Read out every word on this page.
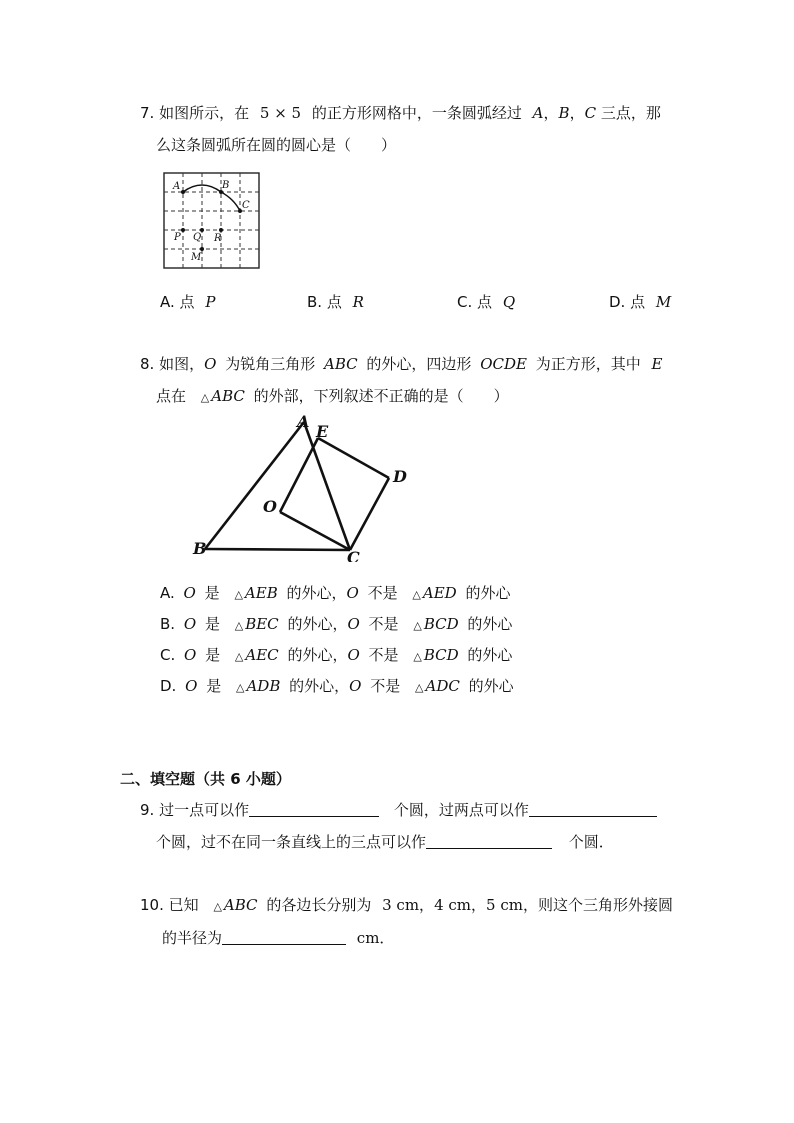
7. 如图所示，在 5 × 5 的正方形网格中，一条圆弧经过 A，B，C 三点，那
么这条圆弧所在圆的圆心是（　　）
A	B
C
P Q R
M
A. 点 P	B. 点 R	C. 点 Q	D. 点 M
8. 如图，O 为锐角三角形 ABC 的外心，四边形 OCDE 为正方形，其中 E
点在 △ ABC 的外部，下列叙述不正确的是（　　）
A
E
D
O
B	C
A. O 是 △ AEB 的外心，O 不是 △ AED 的外心
B. O 是 △ BEC 的外心，O 不是 △ BCD 的外心
C. O 是 △ AEC 的外心，O 不是 △ BCD 的外心
D. O 是 △ ADB 的外心，O 不是 △ ADC 的外心
二、填空题（共 6 小题）
9. 过一点可以作	个圆，过两点可以作
个圆，过不在同一条直线上的三点可以作	个圆．
10. 已知 △ ABC 的各边长分别为 3 cm，4 cm，5 cm，则这个三角形外接圆
的半径为	cm．
